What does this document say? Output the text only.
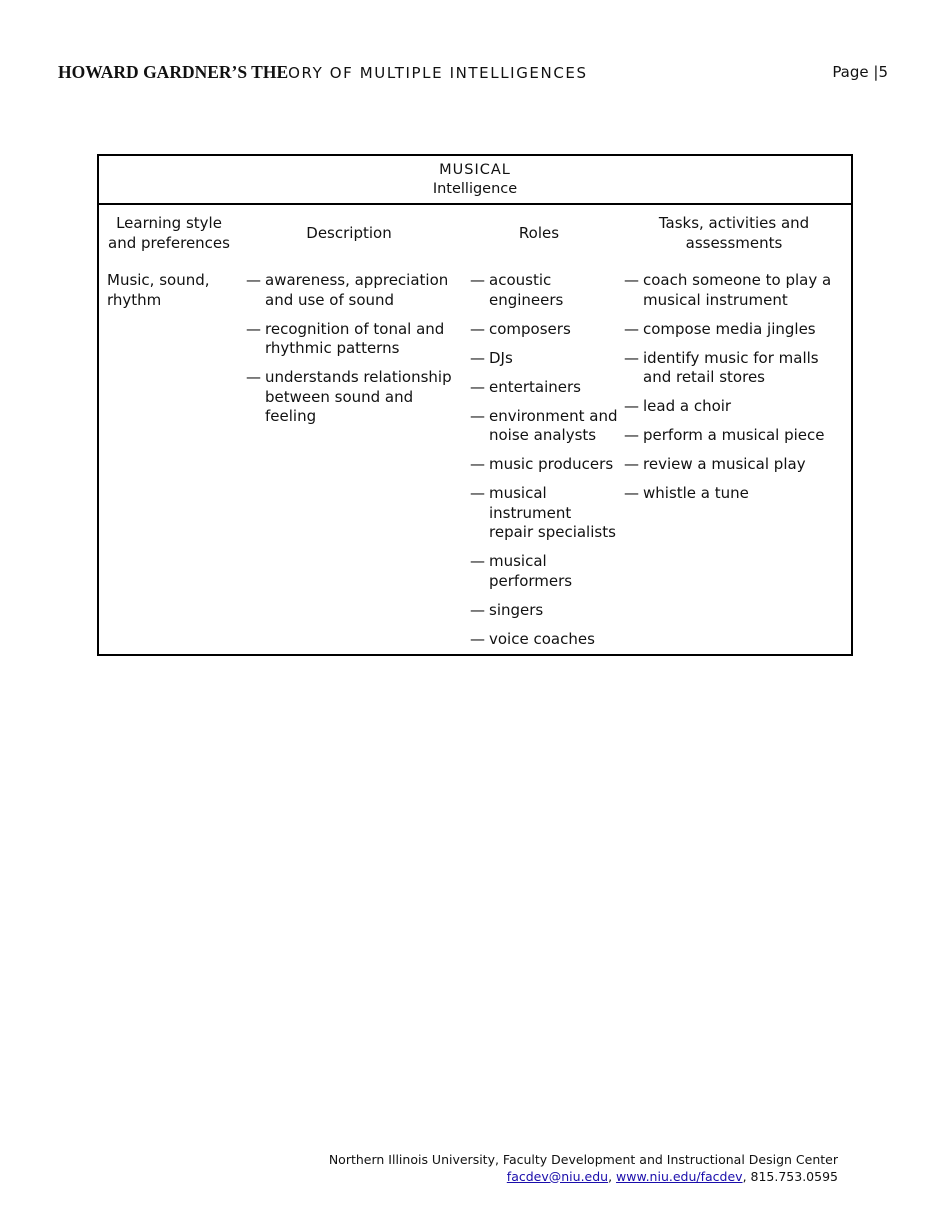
HOWARD GARDNER’S THEORY OF MULTIPLE INTELLIGENCES	Page |5
MUSICAL
Intelligence
Learning style and preferences
Description	Roles
Tasks, activities and assessments
Music, sound, rhythm
— awareness, appreciation and use of sound
— recognition of tonal and rhythmic patterns
— understands relationship between sound and feeling
— acoustic engineers
— composers
— DJs
— entertainers
— environment and noise analysts
— music producers
— musical instrument repair specialists
— musical performers
— singers
— voice coaches
— coach someone to play a musical instrument
— compose media jingles
— identify music for malls and retail stores
— lead a choir
— perform a musical piece
— review a musical play
— whistle a tune
Northern Illinois University, Faculty Development and Instructional Design Center
facdev@niu.edu, www.niu.edu/facdev, 815.753.0595
